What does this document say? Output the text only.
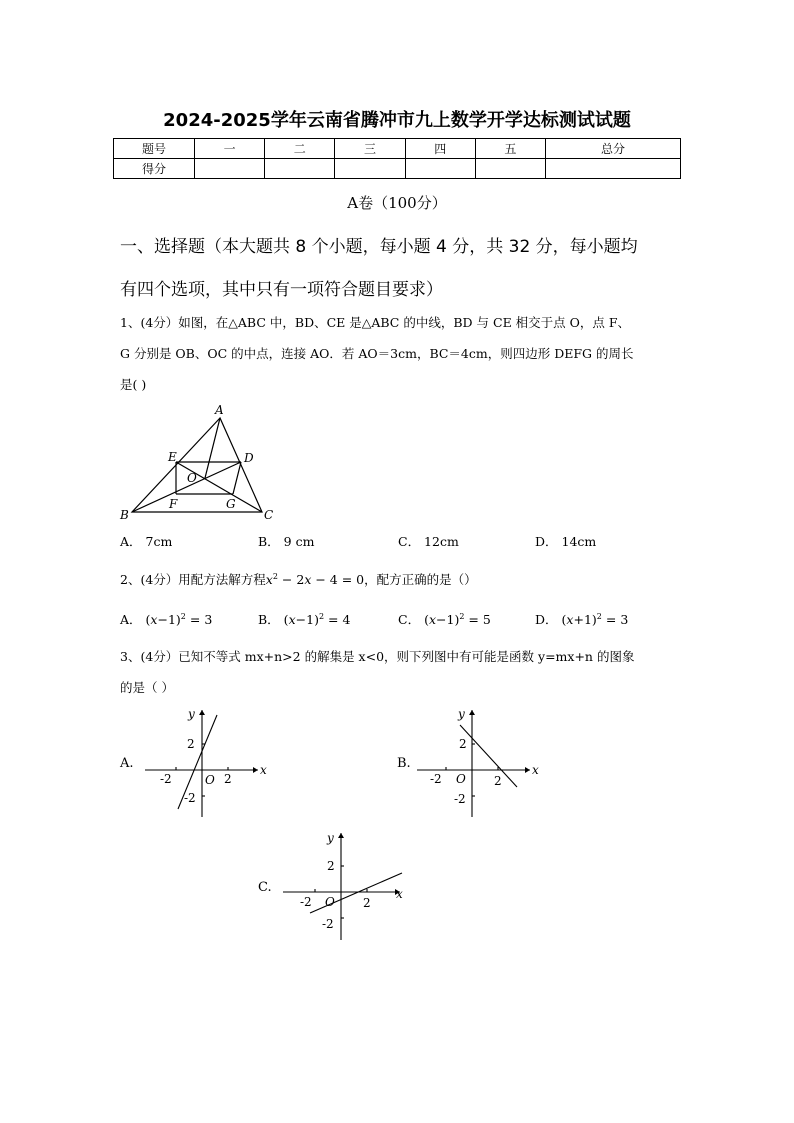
2024-2025学年云南省腾冲市九上数学开学达标测试试题
题号	一	二	三	四	五	总分
得分						
A卷（100分）
一、选择题（本大题共 8 个小题，每小题 4 分，共 32 分，每小题均
有四个选项，其中只有一项符合题目要求）
1、(4分）如图，在△ABC 中，BD、CE 是△ABC 的中线，BD 与 CE 相交于点 O，点 F、
G 分别是 OB、OC 的中点，连接 AO．若 AO＝3cm，BC＝4cm，则四边形 DEFG 的周长
是( )
A
B	C
D
E
F	G
O
A． 7cm	B． 9 cm	C． 12cm	D． 14cm
2、(4分）用配方法解方程$x^2 - 2x - 4 = 0$，配方正确的是（）
A． $(x-1)^2 = 3$	B． $(x-1)^2 = 4$	C． $(x-1)^2 = 5$	D． $(x+1)^2 = 3$
3、(4分）已知不等式 mx+n>2 的解集是 x<0，则下列图中有可能是函数 y=mx+n 的图象
的是（ ）
A.	B.
C.
x
y
O
-2	2
2
-2
x
y
O
-2	2
2
-2
x
y
O
-2	2
2
-2
